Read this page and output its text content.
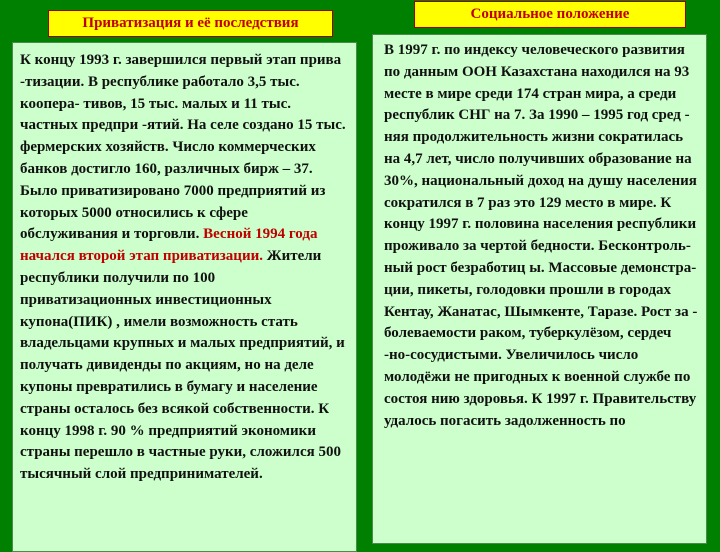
Приватизация и её последствия
Социальное положение
К концу 1993 г. завершился первый этап прива -тизации. В республике работало 3,5 тыс. коопера- тивов, 15 тыс. малых и 11 тыс. частных предпри -ятий. На селе создано 15 тыс. фермерских хозяйств. Число коммерческих банков достигло 160, различных бирж – 37. Было приватизировано 7000 предприятий из которых 5000 относились к сфере обслуживания и торговли. Весной 1994 года начался второй этап приватизации. Жители республики получили по 100 приватизационных инвестиционных купона(ПИК) , имели возможность стать владельцами крупных и малых предприятий, и получать дивиденды по акциям, но на деле купоны превратились в бумагу и население страны осталось без всякой собственности. К концу 1998 г. 90 % предприятий экономики страны перешло в частные руки, сложился 500 тысячный слой предпринимателей.
В 1997 г. по индексу человеческого развития по данным ООН Казахстана находился на 93 месте в мире среди 174 стран мира, а среди республик СНГ на 7. За 1990 – 1995 год сред - няя продолжительность жизни сократилась на 4,7 лет, число получивших образование на 30%, национальный доход на душу населения сократился в 7 раз это 129 место в мире. К концу 1997 г. половина населения республики проживало за чертой бедности. Бесконтроль- ный рост безработиц ы. Массовые демонстра- ции, пикеты, голодовки прошли в городах Кентау, Жанатас, Шымкенте, Таразе. Рост за - болеваемости раком, туберкулёзом, сердеч -но-сосудистыми. Увеличилось число молодёжи не пригодных к военной службе по состоя нию здоровья. К 1997 г. Правительству удалось погасить задолженность по
